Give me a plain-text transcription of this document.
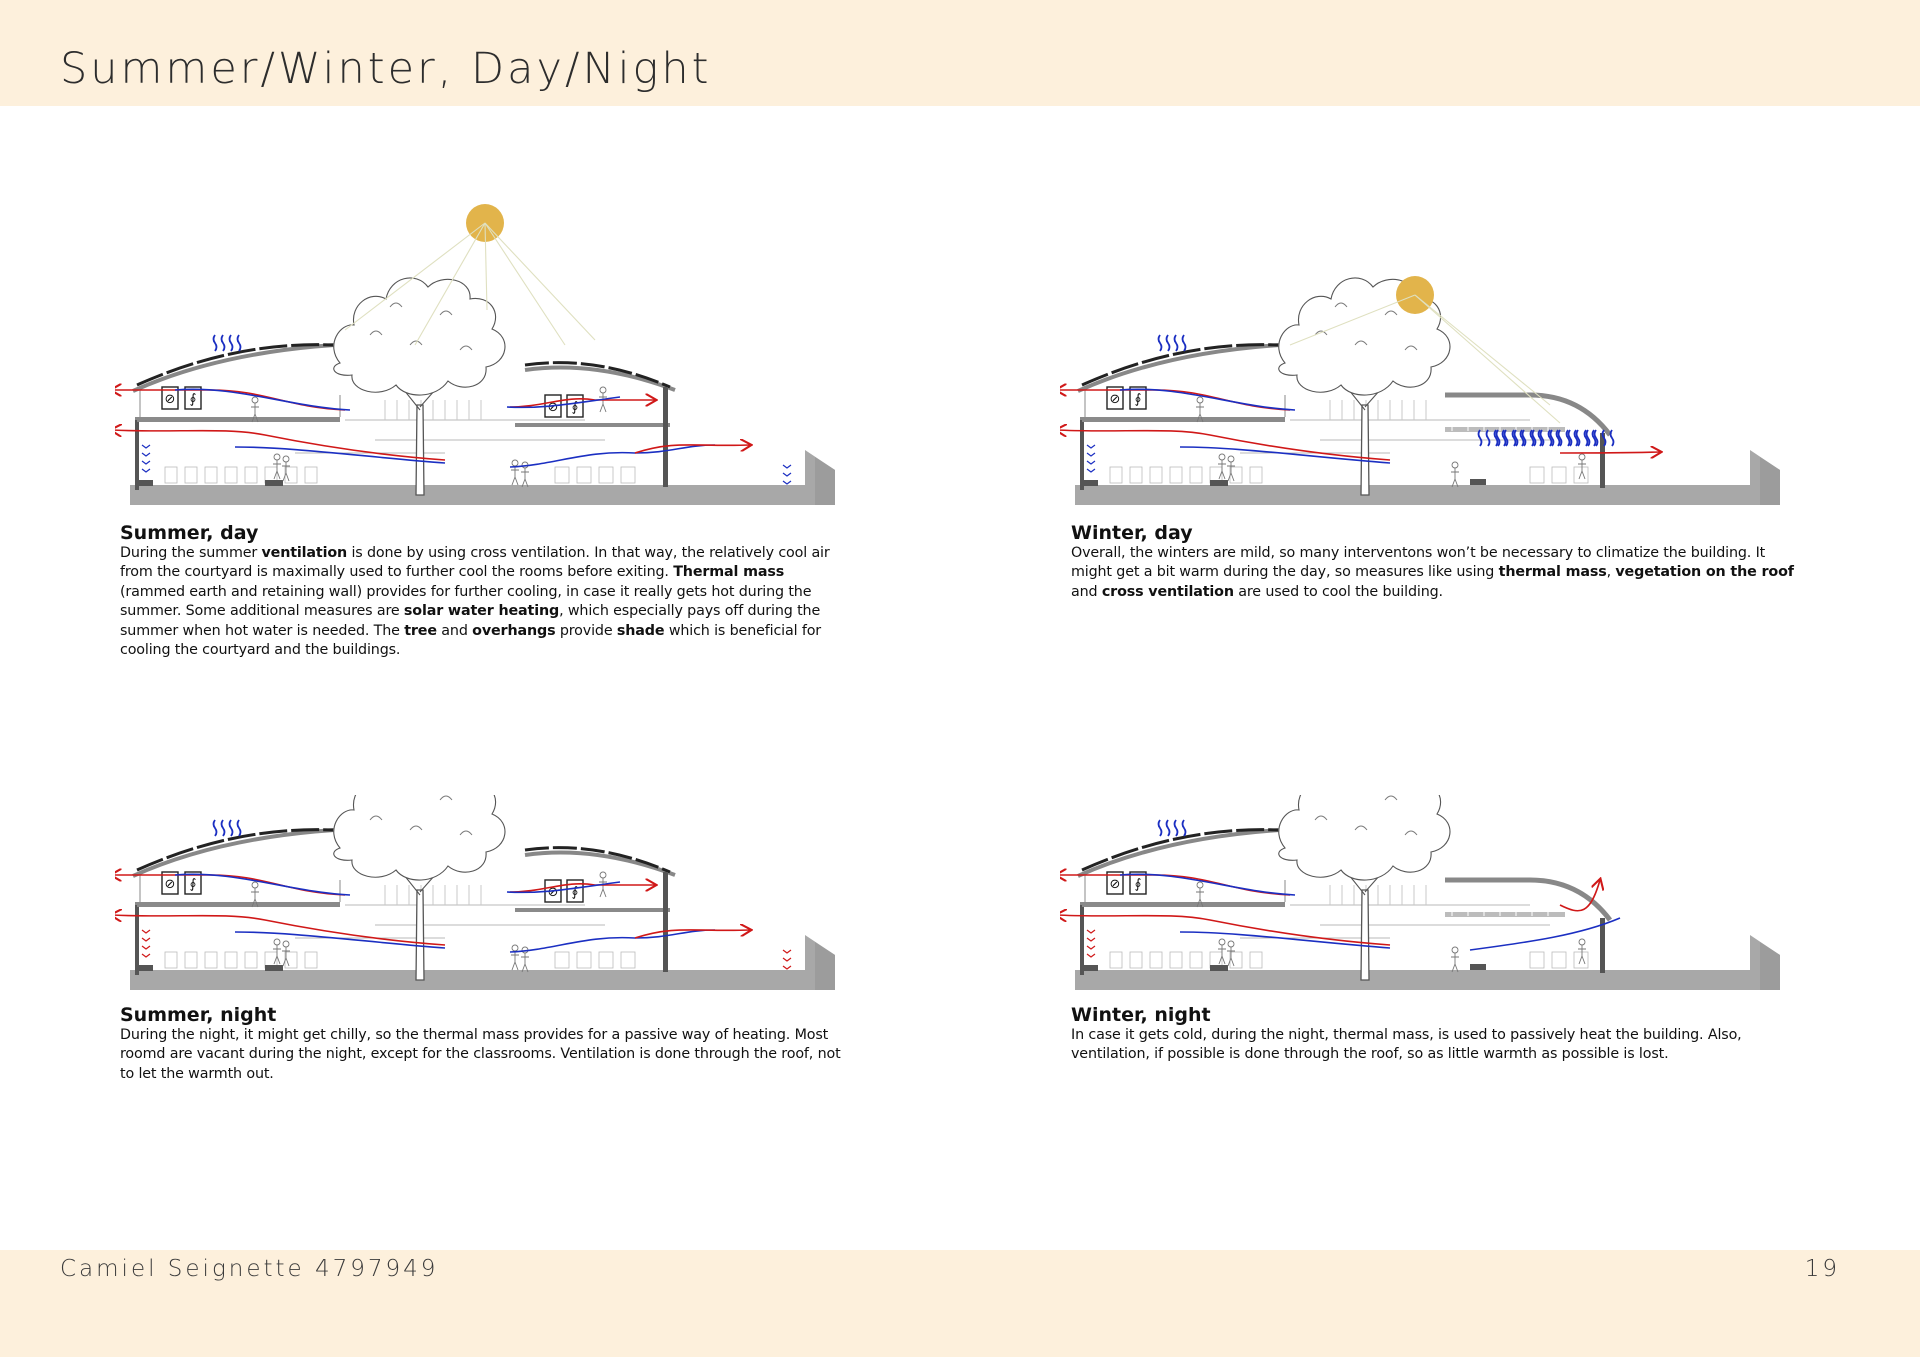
Summer/Winter, Day/Night
Camiel Seignette 4797949	19
⊘ ∮
⊘ ∮
Summer, day

During the summer ventilation is done by using cross ventilation. In that way, the relatively cool air from the courtyard is maximally used to further cool the rooms before exiting. Thermal mass (rammed earth and retaining wall) provides for further cooling, in case it really gets hot during the summer. Some additional measures are solar water heating, which especially pays off during the summer when hot water is needed. The tree and overhangs provide shade which is beneficial for cooling the courtyard and the buildings.

⊘ ∮
Winter, day

Overall, the winters are mild, so many interventons won’t be necessary to climatize the building. It might get a bit warm during the day, so measures like using thermal mass, vegetation on the roof and cross ventilation are used to cool the building.

⊘ ∮
⊘ ∮
Summer, night

During the night, it might get chilly, so the thermal mass provides for a passive way of heating. Most roomd are vacant during the night, except for the classrooms. Ventilation is done through the roof, not to let the warmth out.

⊘ ∮
Winter, night

In case it gets cold, during the night, thermal mass, is used to passively heat the building. Also, ventilation, if possible is done through the roof, so as little warmth as possible is lost.
